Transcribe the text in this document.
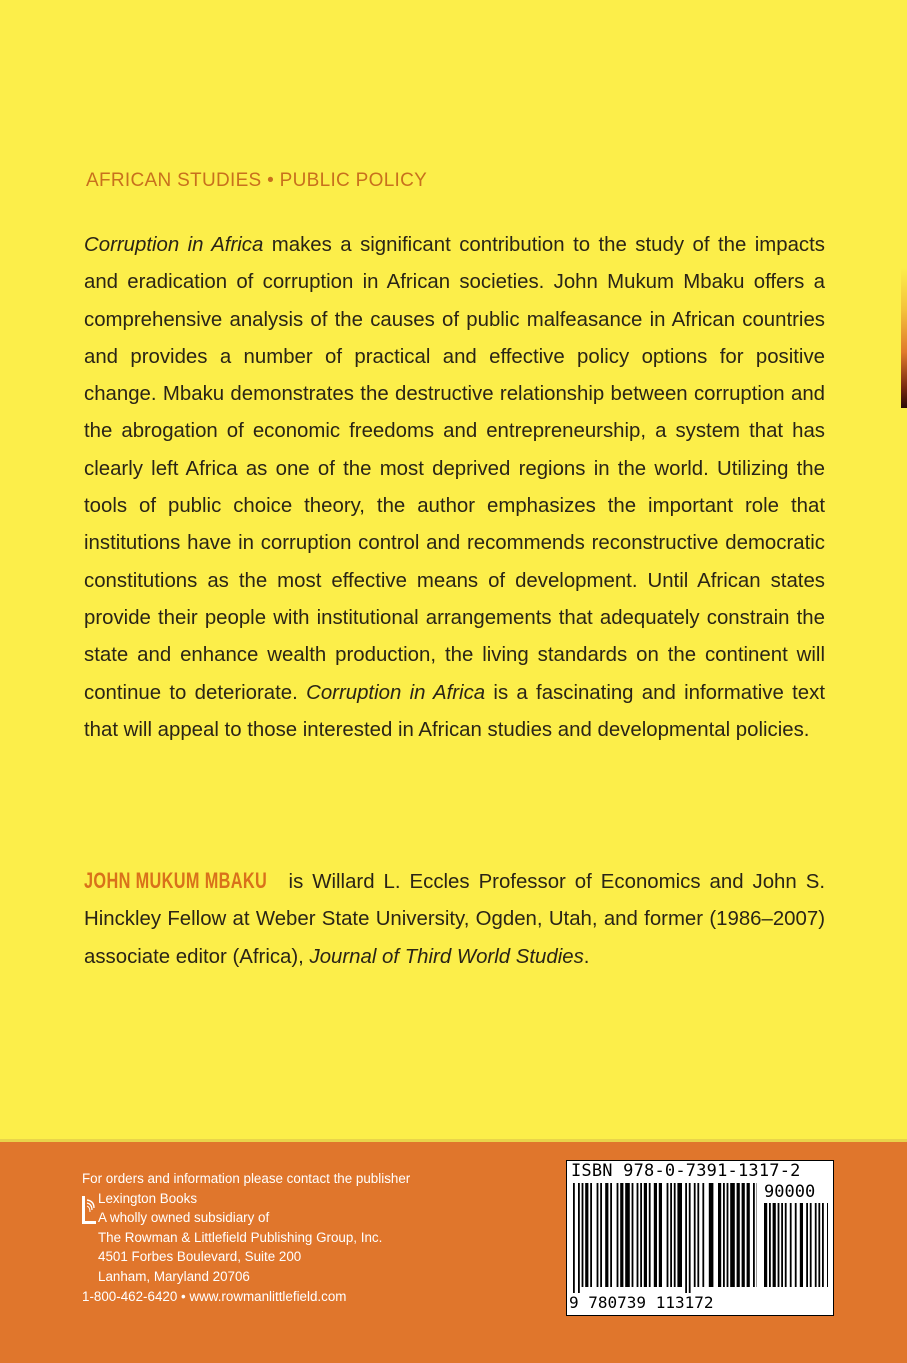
AFRICAN STUDIES • PUBLIC POLICY

Corruption in Africa makes a significant contribution to the study of the impacts and eradication of corruption in African societies. John Mukum Mbaku offers a comprehensive analysis of the causes of public malfeasance in African countries and provides a number of practical and effective policy options for positive change. Mbaku demonstrates the destructive relationship between corruption and the abrogation of economic freedoms and entrepreneurship, a system that has clearly left Africa as one of the most deprived regions in the world. Utilizing the tools of public choice theory, the author emphasizes the important role that institutions have in corruption control and recommends reconstructive democratic constitutions as the most effective means of development. Until African states provide their people with institutional arrangements that adequately constrain the state and enhance wealth production, the living standards on the continent will continue to deteriorate. Corruption in Africa is a fascinating and informative text that will appeal to those interested in African studies and developmental policies.

JOHN MUKUM MBAKU is Willard L. Eccles Professor of Economics and John S. Hinckley Fellow at Weber State University, Ogden, Utah, and former (1986–2007) associate editor (Africa), Journal of Third World Studies.

For orders and information please contact the publisher
Lexington Books
A wholly owned subsidiary of
The Rowman & Littlefield Publishing Group, Inc.
4501 Forbes Boulevard, Suite 200
Lanham, Maryland 20706
1-800-462-6420 • www.rowmanlittlefield.com
ISBN 978-0-7391-1317-2
90000
9 780739 113172
